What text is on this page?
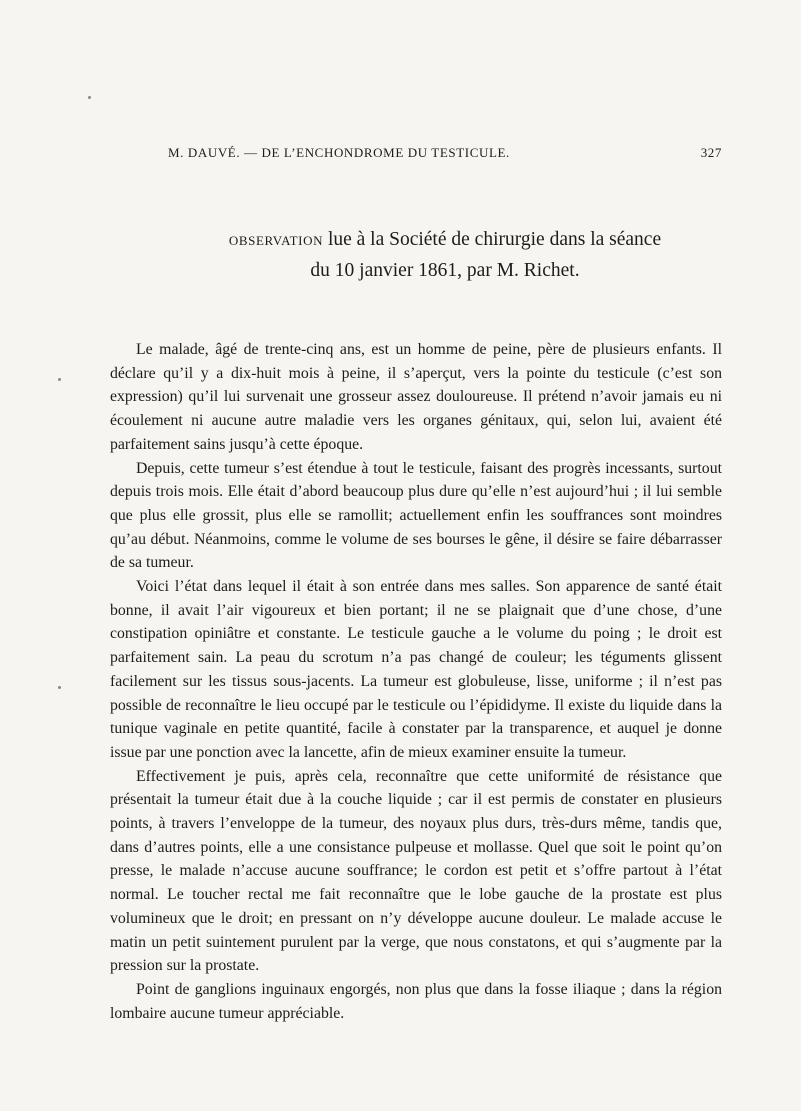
M. DAUVÉ. — DE L’ENCHONDROME DU TESTICULE.	327
OBSERVATION lue à la Société de chirurgie dans la séance
du 10 janvier 1861, par M. Richet.

Le malade, âgé de trente-cinq ans, est un homme de peine, père de plusieurs enfants. Il déclare qu’il y a dix-huit mois à peine, il s’aperçut, vers la pointe du testicule (c’est son expression) qu’il lui survenait une grosseur assez douloureuse. Il prétend n’avoir jamais eu ni écoulement ni aucune autre maladie vers les organes génitaux, qui, selon lui, avaient été parfaitement sains jusqu’à cette époque.

Depuis, cette tumeur s’est étendue à tout le testicule, faisant des progrès incessants, surtout depuis trois mois. Elle était d’abord beaucoup plus dure qu’elle n’est aujourd’hui ; il lui semble que plus elle grossit, plus elle se ramollit; actuellement enfin les souffrances sont moindres qu’au début. Néanmoins, comme le volume de ses bourses le gêne, il désire se faire débarrasser de sa tumeur.

Voici l’état dans lequel il était à son entrée dans mes salles. Son apparence de santé était bonne, il avait l’air vigoureux et bien portant; il ne se plaignait que d’une chose, d’une constipation opiniâtre et constante. Le testicule gauche a le volume du poing ; le droit est parfaitement sain. La peau du scrotum n’a pas changé de couleur; les téguments glissent facilement sur les tissus sous-jacents. La tumeur est globuleuse, lisse, uniforme ; il n’est pas possible de reconnaître le lieu occupé par le testicule ou l’épididyme. Il existe du liquide dans la tunique vaginale en petite quantité, facile à constater par la transparence, et auquel je donne issue par une ponction avec la lancette, afin de mieux examiner ensuite la tumeur.

Effectivement je puis, après cela, reconnaître que cette uniformité de résistance que présentait la tumeur était due à la couche liquide ; car il est permis de constater en plusieurs points, à travers l’enveloppe de la tumeur, des noyaux plus durs, très-durs même, tandis que, dans d’autres points, elle a une consistance pulpeuse et mollasse. Quel que soit le point qu’on presse, le malade n’accuse aucune souffrance; le cordon est petit et s’offre partout à l’état normal. Le toucher rectal me fait reconnaître que le lobe gauche de la prostate est plus volumineux que le droit; en pressant on n’y développe aucune douleur. Le malade accuse le matin un petit suintement purulent par la verge, que nous constatons, et qui s’augmente par la pression sur la prostate.

Point de ganglions inguinaux engorgés, non plus que dans la fosse iliaque ; dans la région lombaire aucune tumeur appréciable.
